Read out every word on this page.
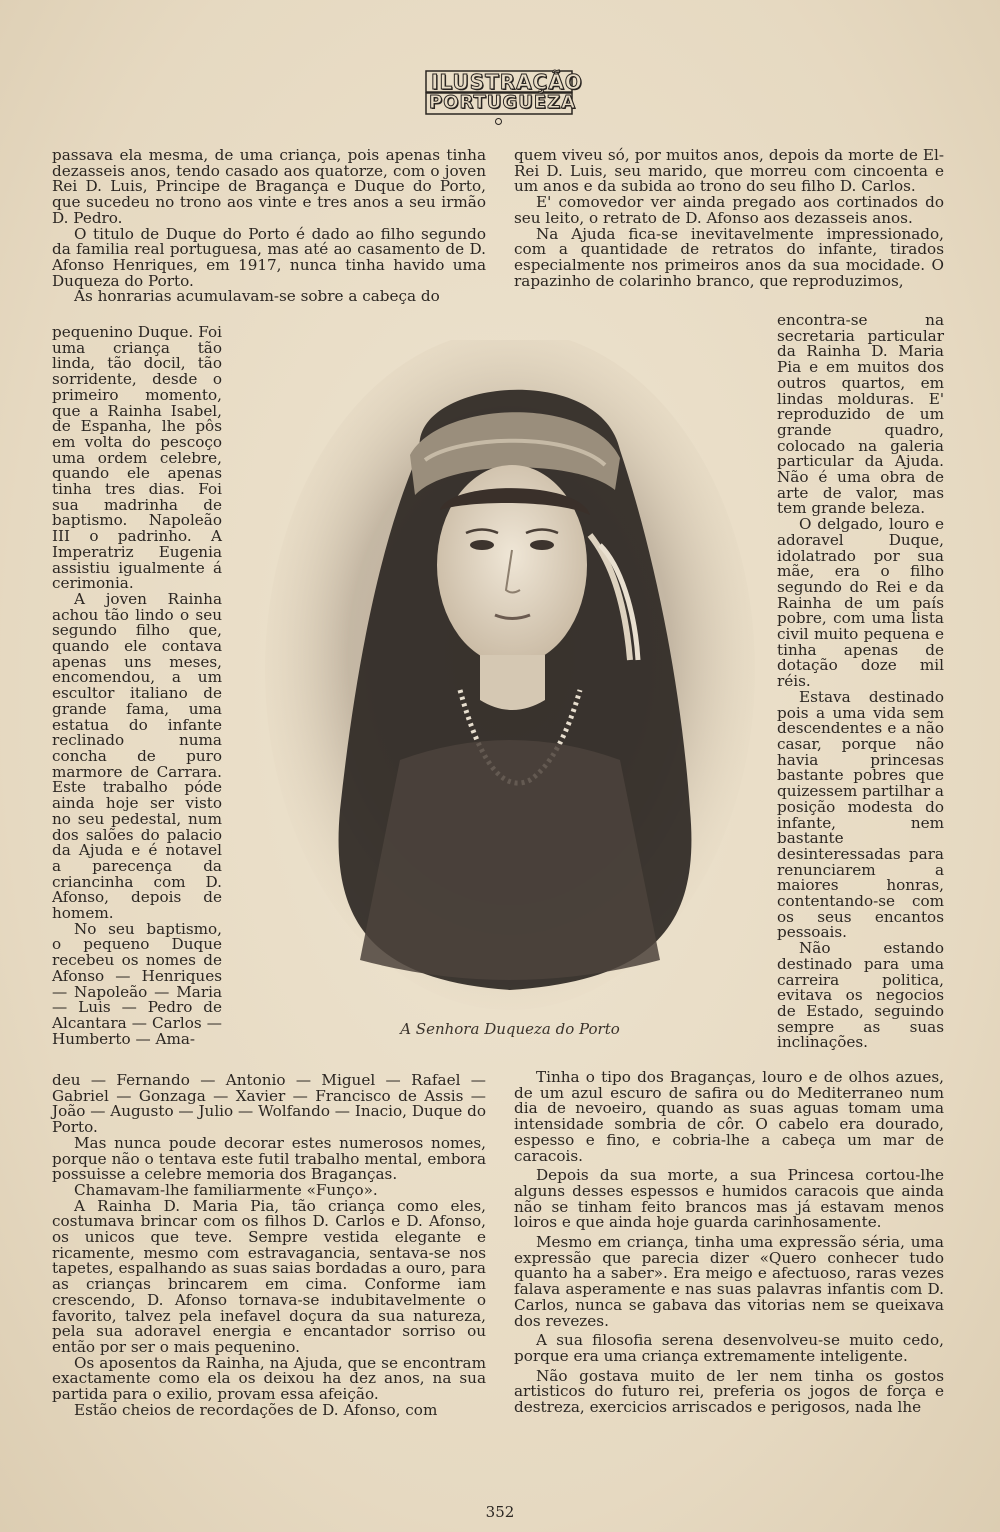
ILUSTRAÇÃO
PORTUGUEZA

passava ela mesma, de uma criança, pois apenas tinha dezasseis anos, tendo casado aos quatorze, com o joven Rei D. Luis, Principe de Bragança e Duque do Porto, que sucedeu no trono aos vinte e tres anos a seu irmão D. Pedro.

O titulo de Duque do Porto é dado ao filho segundo da familia real portuguesa, mas até ao casamento de D. Afonso Henriques, em 1917, nunca tinha havido uma Duqueza do Porto.

As honrarias acumulavam-se sobre a cabeça do

pequenino Duque. Foi uma criança tão linda, tão docil, tão sorridente, desde o primeiro momento, que a Rainha Isabel, de Espanha, lhe pôs em volta do pescoço uma ordem celebre, quando ele apenas tinha tres dias. Foi sua madrinha de baptismo. Napoleão III o padrinho. A Imperatriz Eugenia assistiu igualmente á cerimonia.

A joven Rainha achou tão lindo o seu segundo filho que, quando ele contava apenas uns meses, encomendou, a um escultor italiano de grande fama, uma estatua do infante reclinado numa concha de puro marmore de Carrara. Este trabalho póde ainda hoje ser visto no seu pedestal, num dos salões do palacio da Ajuda e é notavel a parecença da criancinha com D. Afonso, depois de homem.

No seu baptismo, o pequeno Duque recebeu os nomes de Afonso — Henriques — Napoleão — Maria — Luis — Pedro de Alcantara — Carlos — Humberto — Ama-

A Senhora Duqueza do Porto

quem viveu só, por muitos anos, depois da morte de El-Rei D. Luis, seu marido, que morreu com cincoenta e um anos e da subida ao trono do seu filho D. Carlos.

E' comovedor ver ainda pregado aos cortinados do seu leito, o retrato de D. Afonso aos dezasseis anos.

Na Ajuda fica-se inevitavelmente impressionado, com a quantidade de retratos do infante, tirados especialmente nos primeiros anos da sua mocidade. O rapazinho de colarinho branco, que reproduzimos,

encontra-se na secretaria particular da Rainha D. Maria Pia e em muitos dos outros quartos, em lindas molduras. E' reproduzido de um grande quadro, colocado na galeria particular da Ajuda. Não é uma obra de arte de valor, mas tem grande beleza.

O delgado, louro e adoravel Duque, idolatrado por sua mãe, era o filho segundo do Rei e da Rainha de um país pobre, com uma lista civil muito pequena e tinha apenas de dotação doze mil réis.

Estava destinado pois a uma vida sem descendentes e a não casar, porque não havia princesas bastante pobres que quizessem partilhar a posição modesta do infante, nem bastante desinteressadas para renunciarem a maiores honras, contentando-se com os seus encantos pessoais.

Não estando destinado para uma carreira politica, evitava os negocios de Estado, seguindo sempre as suas inclinações.

deu — Fernando — Antonio — Miguel — Rafael — Gabriel — Gonzaga — Xavier — Francisco de Assis — João — Augusto — Julio — Wolfando — Inacio, Duque do Porto.

Mas nunca poude decorar estes numerosos nomes, porque não o tentava este futil trabalho mental, embora possuisse a celebre memoria dos Braganças.

Chamavam-lhe familiarmente «Funço».

A Rainha D. Maria Pia, tão criança como eles, costumava brincar com os filhos D. Carlos e D. Afonso, os unicos que teve. Sempre vestida elegante e ricamente, mesmo com estravagancia, sentava-se nos tapetes, espalhando as suas saias bordadas a ouro, para as crianças brincarem em cima. Conforme iam crescendo, D. Afonso tornava-se indubitavelmente o favorito, talvez pela inefavel doçura da sua natureza, pela sua adoravel energia e encantador sorriso ou então por ser o mais pequenino.

Os aposentos da Rainha, na Ajuda, que se encontram exactamente como ela os deixou ha dez anos, na sua partida para o exilio, provam essa afeição.

Estão cheios de recordações de D. Afonso, com

Tinha o tipo dos Braganças, louro e de olhos azues, de um azul escuro de safira ou do Mediterraneo num dia de nevoeiro, quando as suas aguas tomam uma intensidade sombria de côr. O cabelo era dourado, espesso e fino, e cobria-lhe a cabeça um mar de caracois.

Depois da sua morte, a sua Princesa cortou-lhe alguns desses espessos e humidos caracois que ainda não se tinham feito brancos mas já estavam menos loiros e que ainda hoje guarda carinhosamente.

Mesmo em criança, tinha uma expressão séria, uma expressão que parecia dizer «Quero conhecer tudo quanto ha a saber». Era meigo e afectuoso, raras vezes falava asperamente e nas suas palavras infantis com D. Carlos, nunca se gabava das vitorias nem se queixava dos revezes.

A sua filosofia serena desenvolveu-se muito cedo, porque era uma criança extremamente inteligente.

Não gostava muito de ler nem tinha os gostos artisticos do futuro rei, preferia os jogos de força e destreza, exercicios arriscados e perigosos, nada lhe

352
